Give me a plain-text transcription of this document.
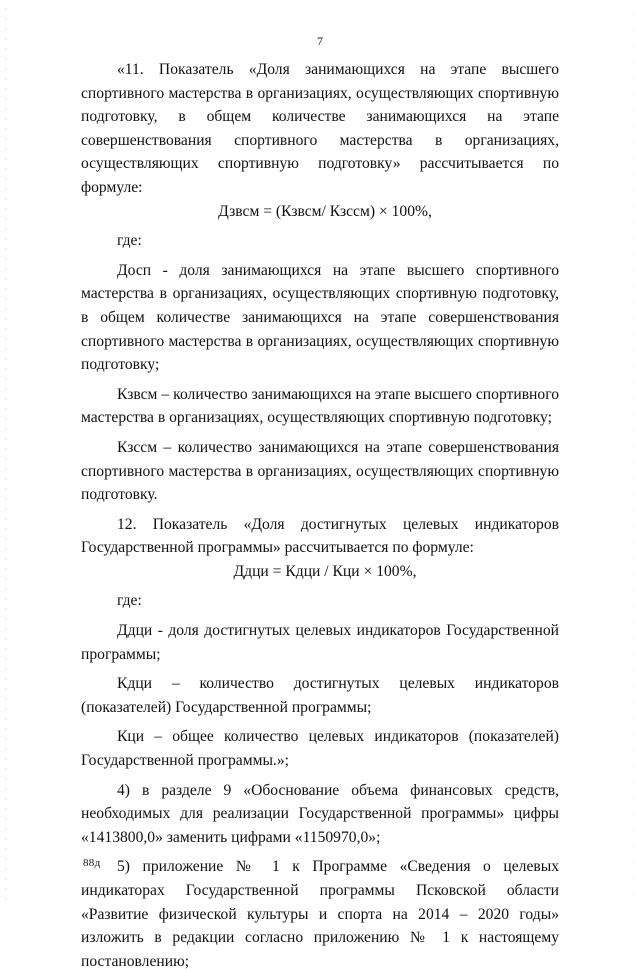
7

«11. Показатель «Доля занимающихся на этапе высшего спортивного мастерства в организациях, осуществляющих спортивную подготовку, в общем количестве занимающихся на этапе совершенствования спортивного мастерства в организациях, осуществляющих спортивную подготовку» рассчитывается по формуле:

Дзвсм = (Кзвсм/ Кзссм) × 100%,

где:

Досп - доля занимающихся на этапе высшего спортивного мастерства в организациях, осуществляющих спортивную подготовку, в общем количестве занимающихся на этапе совершенствования спортивного мастерства в организациях, осуществляющих спортивную подготовку;

Кзвсм – количество занимающихся на этапе высшего спортивного мастерства в организациях, осуществляющих спортивную подготовку;

Кзссм – количество занимающихся на этапе совершенствования спортивного мастерства в организациях, осуществляющих спортивную подготовку.

12. Показатель «Доля достигнутых целевых индикаторов Государственной программы» рассчитывается по формуле:

Ддци = Кдци / Кци × 100%,

где:

Ддци - доля достигнутых целевых индикаторов Государственной программы;

Кдци – количество достигнутых целевых индикаторов (показателей) Государственной программы;

Кци – общее количество целевых индикаторов (показателей) Государственной программы.»;

4) в разделе 9 «Обоснование объема финансовых средств, необходимых для реализации Государственной программы» цифры «1413800,0» заменить цифрами «1150970,0»;

5) приложение № 1 к Программе «Сведения о целевых индикаторах Государственной программы Псковской области «Развитие физической культуры и спорта на 2014 – 2020 годы» изложить в редакции согласно приложению № 1 к настоящему постановлению;

88д
